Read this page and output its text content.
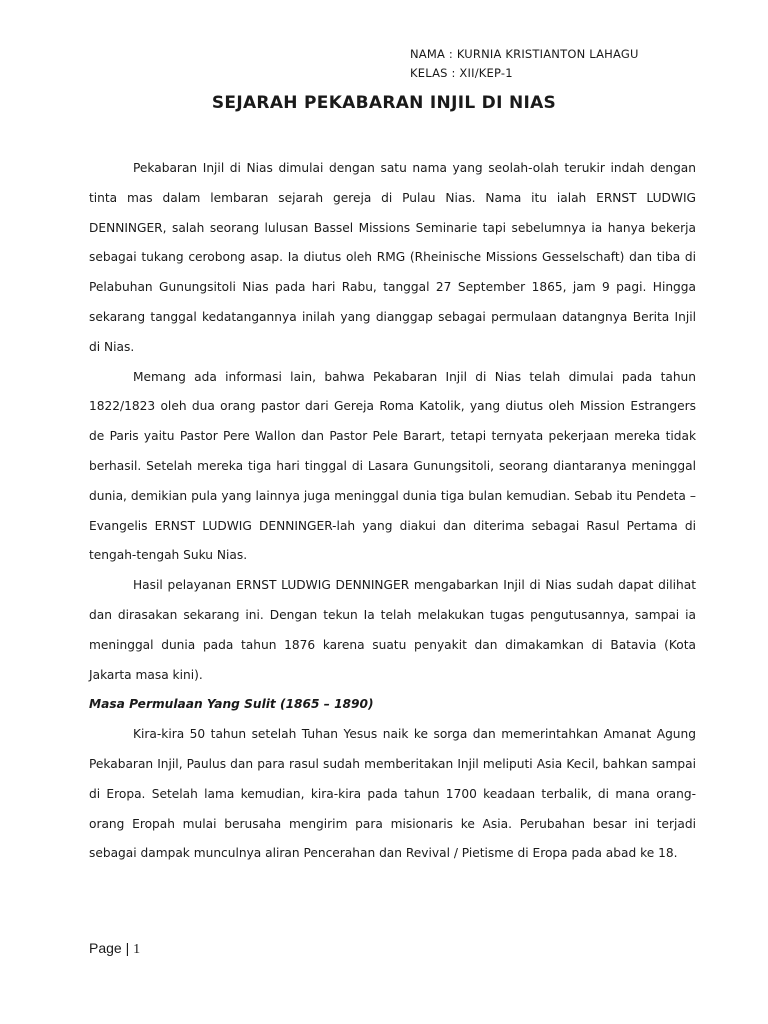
NAMA : KURNIA KRISTIANTON LAHAGU
KELAS : XII/KEP-1
SEJARAH PEKABARAN INJIL DI NIAS

Pekabaran Injil di Nias dimulai dengan satu nama yang seolah-olah terukir indah dengan tinta mas dalam lembaran sejarah gereja di Pulau Nias. Nama itu ialah ERNST LUDWIG DENNINGER, salah seorang lulusan Bassel Missions Seminarie tapi sebelumnya ia hanya bekerja sebagai tukang cerobong asap. Ia diutus oleh RMG (Rheinische Missions Gesselschaft) dan tiba di Pelabuhan Gunungsitoli Nias pada hari Rabu, tanggal 27 September 1865, jam 9 pagi. Hingga sekarang tanggal kedatangannya inilah yang dianggap sebagai permulaan datangnya Berita Injil di Nias.

Memang ada informasi lain, bahwa Pekabaran Injil di Nias telah dimulai pada tahun 1822/1823 oleh dua orang pastor dari Gereja Roma Katolik, yang diutus oleh Mission Estrangers de Paris yaitu Pastor Pere Wallon dan Pastor Pele Barart, tetapi ternyata pekerjaan mereka tidak berhasil. Setelah mereka tiga hari tinggal di Lasara Gunungsitoli, seorang diantaranya meninggal dunia, demikian pula yang lainnya juga meninggal dunia tiga bulan kemudian. Sebab itu Pendeta – Evangelis ERNST LUDWIG DENNINGER-lah yang diakui dan diterima sebagai Rasul Pertama di tengah-tengah Suku Nias.

Hasil pelayanan ERNST LUDWIG DENNINGER mengabarkan Injil di Nias sudah dapat dilihat dan dirasakan sekarang ini. Dengan tekun Ia telah melakukan tugas pengutusannya, sampai ia meninggal dunia pada tahun 1876 karena suatu penyakit dan dimakamkan di Batavia (Kota Jakarta masa kini).

Masa Permulaan Yang Sulit (1865 – 1890)

Kira-kira 50 tahun setelah Tuhan Yesus naik ke sorga dan memerintahkan Amanat Agung Pekabaran Injil, Paulus dan para rasul sudah memberitakan Injil meliputi Asia Kecil, bahkan sampai di Eropa. Setelah lama kemudian, kira-kira pada tahun 1700 keadaan terbalik, di mana orang-orang Eropah mulai berusaha mengirim para misionaris ke Asia. Perubahan besar ini terjadi sebagai dampak munculnya aliran Pencerahan dan Revival / Pietisme di Eropa pada abad ke 18.

Page | 1
